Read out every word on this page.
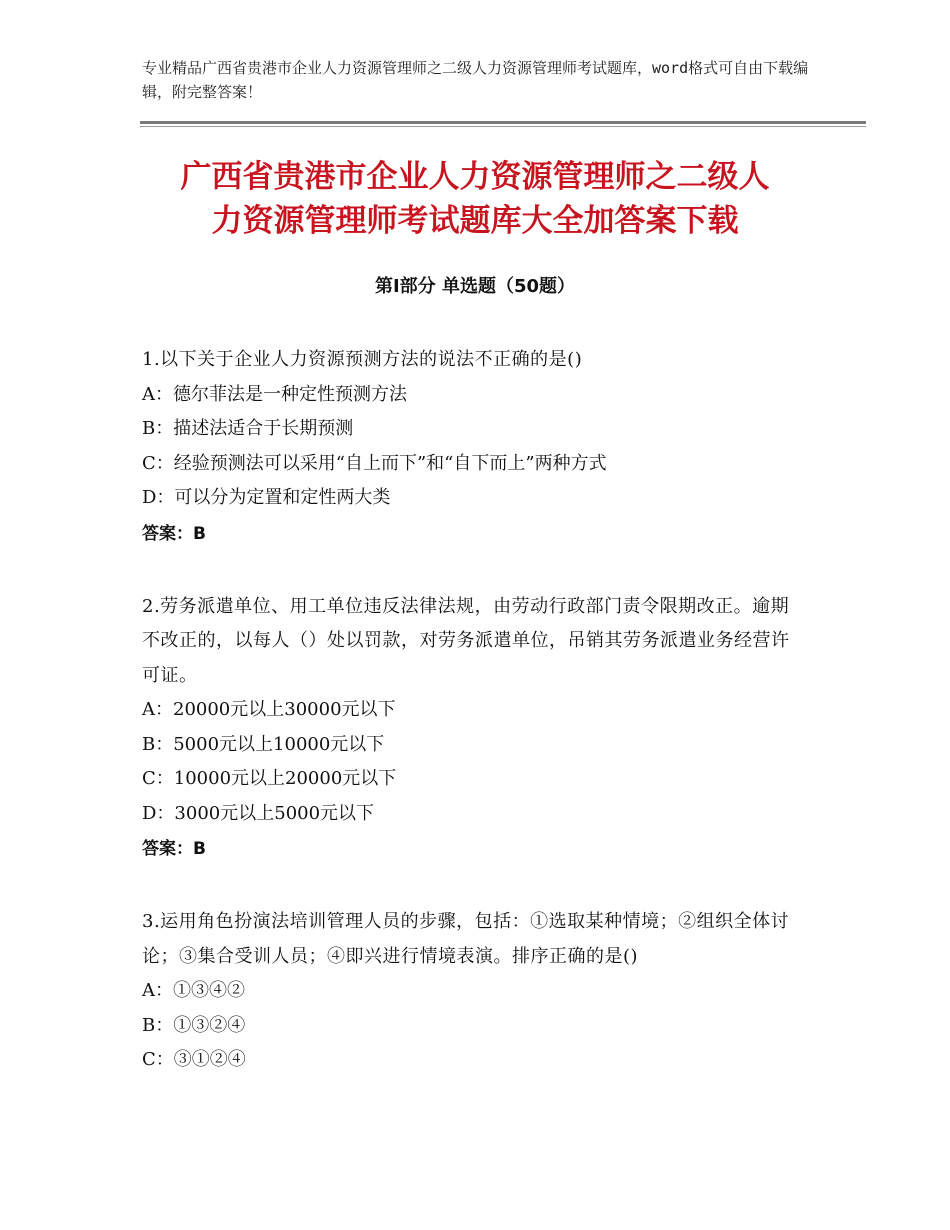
专业精品广西省贵港市企业人力资源管理师之二级人力资源管理师考试题库，word格式可自由下载编辑，附完整答案！
广西省贵港市企业人力资源管理师之二级人
力资源管理师考试题库大全加答案下载
第Ⅰ部分 单选题（50题）
1.以下关于企业人力资源预测方法的说法不正确的是()
A：德尔菲法是一种定性预测方法
B：描述法适合于长期预测
C：经验预测法可以采用“自上而下”和“自下而上”两种方式
D：可以分为定置和定性两大类
答案：B
2.劳务派遣单位、用工单位违反法律法规，由劳动行政部门责令限期改正。逾期不改正的，以每人（）处以罚款，对劳务派遣单位，吊销其劳务派遣业务经营许可证。
A：20000元以上30000元以下
B：5000元以上10000元以下
C：10000元以上20000元以下
D：3000元以上5000元以下
答案：B
3.运用角色扮演法培训管理人员的步骤，包括：①选取某种情境；②组织全体讨论；③集合受训人员；④即兴进行情境表演。排序正确的是()
A：①③④②
B：①③②④
C：③①②④
